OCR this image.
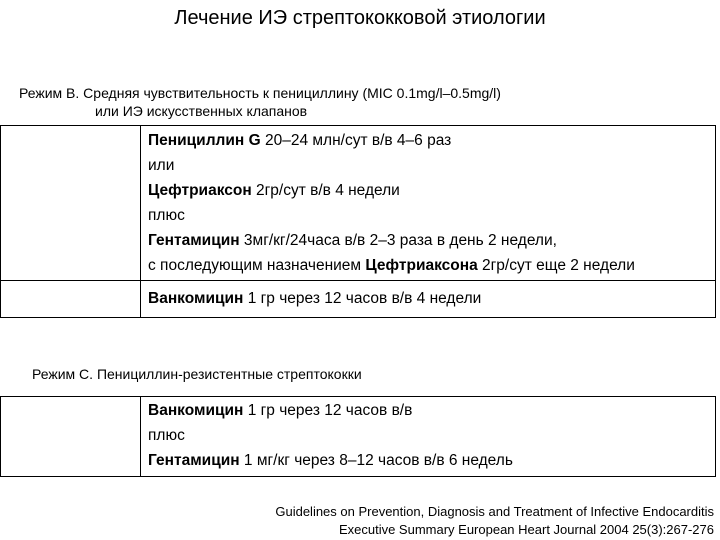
Лечение ИЭ стрептококковой этиологии
Режим В. Средняя чувствительность к пенициллину (MIC 0.1mg/l–0.5mg/l)
или ИЭ искусственных клапанов
Пенициллин G 20–24 млн/сут в/в 4–6 раз
или
Цефтриаксон 2гр/сут в/в 4 недели
плюс
Гентамицин 3мг/кг/24часа в/в 2–3 раза в день 2 недели,
с последующим назначением Цефтриаксона 2гр/сут еще 2 недели
Ванкомицин 1 гр через 12 часов в/в 4 недели
Режим С. Пенициллин-резистентные стрептококки
Ванкомицин 1 гр через 12 часов в/в
плюс
Гентамицин 1 мг/кг через 8–12 часов в/в 6 недель
Guidelines on Prevention, Diagnosis and Treatment of Infective Endocarditis
Executive Summary European Heart Journal 2004 25(3):267-276
